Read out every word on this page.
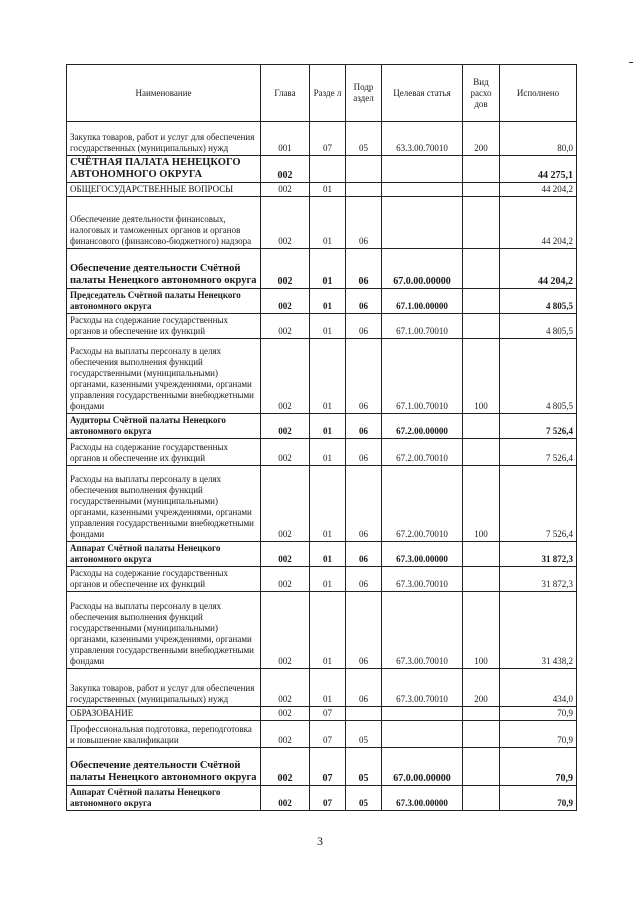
Наименование	Глава	Разде л	Подр аздел	Целевая статья	Вид расхо дов	Исполнено
Закупка товаров, работ и услуг для обеспечения государственных (муниципальных) нужд	001	07	05	63.3.00.70010	200	80,0
СЧЁТНАЯ ПАЛАТА НЕНЕЦКОГО АВТОНОМНОГО ОКРУГА	002					44 275,1
ОБЩЕГОСУДАРСТВЕННЫЕ ВОПРОСЫ	002	01				44 204,2
Обеспечение деятельности финансовых, налоговых и таможенных органов и органов финансового (финансово-бюджетного) надзора	002	01	06			44 204,2
Обеспечение деятельности Счётной палаты Ненецкого автономного округа	002	01	06	67.0.00.00000		44 204,2
Председатель Счётной палаты Ненецкого автономного округа	002	01	06	67.1.00.00000		4 805,5
Расходы на содержание государственных органов и обеспечение их функций	002	01	06	67.1.00.70010		4 805,5
Расходы на выплаты персоналу в целях обеспечения выполнения функций государственными (муниципальными) органами, казенными учреждениями, органами управления государственными внебюджетными фондами	002	01	06	67.1.00.70010	100	4 805,5
Аудиторы Счётной палаты Ненецкого автономного округа	002	01	06	67.2.00.00000		7 526,4
Расходы на содержание государственных органов и обеспечение их функций	002	01	06	67.2.00.70010		7 526,4
Расходы на выплаты персоналу в целях обеспечения выполнения функций государственными (муниципальными) органами, казенными учреждениями, органами управления государственными внебюджетными фондами	002	01	06	67.2.00.70010	100	7 526,4
Аппарат Счётной палаты Ненецкого автономного округа	002	01	06	67.3.00.00000		31 872,3
Расходы на содержание государственных органов и обеспечение их функций	002	01	06	67.3.00.70010		31 872,3
Расходы на выплаты персоналу в целях обеспечения выполнения функций государственными (муниципальными) органами, казенными учреждениями, органами управления государственными внебюджетными фондами	002	01	06	67.3.00.70010	100	31 438,2
Закупка товаров, работ и услуг для обеспечения государственных (муниципальных) нужд	002	01	06	67.3.00.70010	200	434,0
ОБРАЗОВАНИЕ	002	07				70,9
Профессиональная подготовка, переподготовка и повышение квалификации	002	07	05			70,9
Обеспечение деятельности Счётной палаты Ненецкого автономного округа	002	07	05	67.0.00.00000		70,9
Аппарат Счётной палаты Ненецкого автономного округа	002	07	05	67.3.00.00000		70,9
3
